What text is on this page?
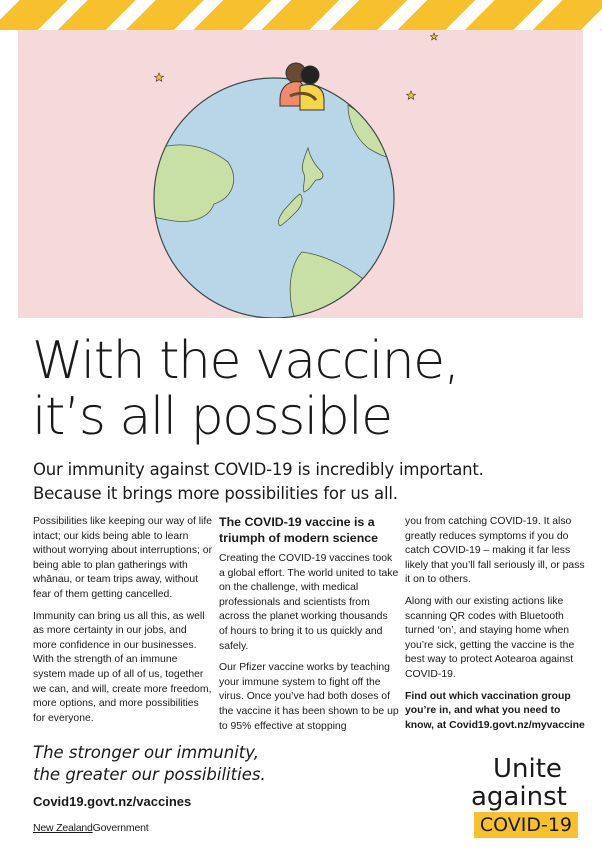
With the vaccine,
it’s all possible
Our immunity against COVID-19 is incredibly important.
Because it brings more possibilities for us all.

Possibilities like keeping our way of life intact; our kids being able to learn without worrying about interruptions; or being able to plan gatherings with whānau, or team trips away, without fear of them getting cancelled.

Immunity can bring us all this, as well as more certainty in our jobs, and more confidence in our businesses. With the strength of an immune system made up of all of us, together we can, and will, create more freedom, more options, and more possibilities for everyone.

The COVID-19 vaccine is a triumph of modern science

Creating the COVID-19 vaccines took a global effort. The world united to take on the challenge, with medical professionals and scientists from across the planet working thousands of hours to bring it to us quickly and safely.

Our Pfizer vaccine works by teaching your immune system to fight off the virus. Once you’ve had both doses of the vaccine it has been shown to be up to 95% effective at stopping

you from catching COVID-19. It also greatly reduces symptoms if you do catch COVID-19 – making it far less likely that you’ll fall seriously ill, or pass it on to others.

Along with our existing actions like scanning QR codes with Bluetooth turned ‘on’, and staying home when you’re sick, getting the vaccine is the best way to protect Aotearoa against COVID-19.

Find out which vaccination group you’re in, and what you need to know, at Covid19.govt.nz/myvaccine

The stronger our immunity,
the greater our possibilities.
Covid19.govt.nz/vaccines
New ZealandGovernment
Unite
against
COVID-19
